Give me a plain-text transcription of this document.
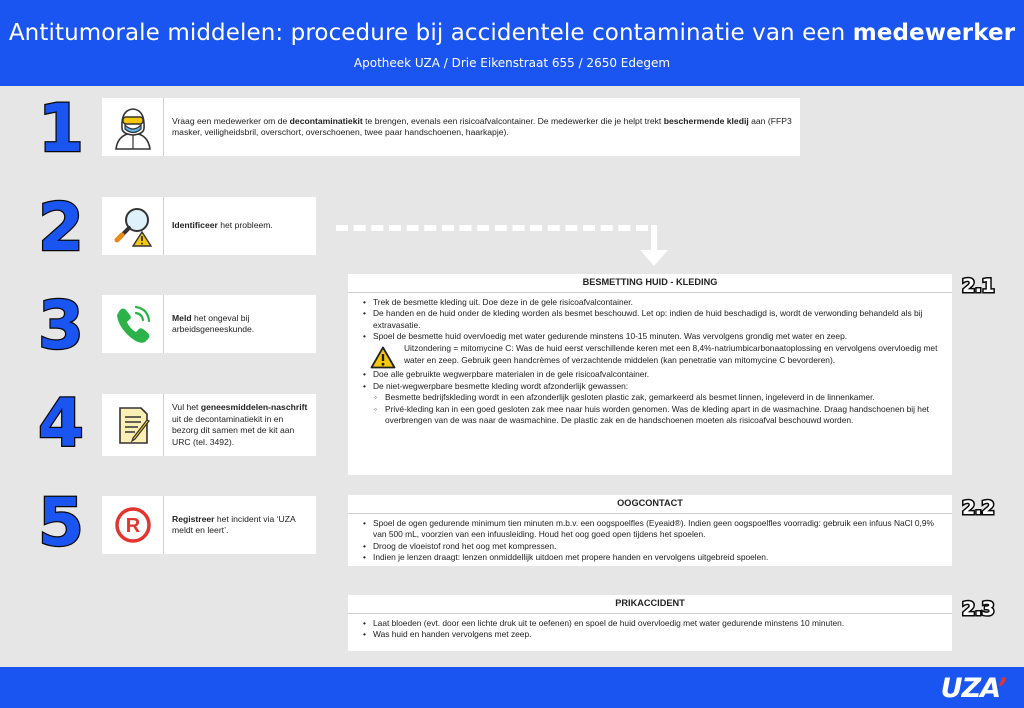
Antitumorale middelen: procedure bij accidentele contaminatie van een medewerker
Apotheek UZA / Drie Eikenstraat 655 / 2650 Edegem
1
2
3
4
5
Vraag een medewerker om de decontaminatiekit te brengen, evenals een risicoafvalcontainer. De medewerker die je helpt trekt beschermende kledij aan (FFP3 masker, veiligheidsbril, overschort, overschoenen, twee paar handschoenen, haarkapje).
Identificeer het probleem.
Meld het ongeval bij arbeidsgeneeskunde.
Vul het geneesmiddelen-naschrift uit de decontaminatiekit in en bezorg dit samen met de kit aan URC (tel. 3492).
R	Registreer het incident via ‘UZA meldt en leert’.
2.1
BESMETTING HUID - KLEDING
• Trek de besmette kleding uit. Doe deze in de gele risicoafvalcontainer.
• De handen en de huid onder de kleding worden als besmet beschouwd. Let op: indien de huid beschadigd is, wordt de verwonding behandeld als bij extravasatie.
• Spoel de besmette huid overvloedig met water gedurende minstens 10-15 minuten. Was vervolgens grondig met water en zeep.
Uitzondering = mitomycine C: Was de huid eerst verschillende keren met een 8,4%-natriumbicarbonaatoplossing en vervolgens overvloedig met water en zeep. Gebruik geen handcrèmes of verzachtende middelen (kan penetratie van mitomycine C bevorderen).
• Doe alle gebruikte wegwerpbare materialen in de gele risicoafvalcontainer.
• De niet-wegwerpbare besmette kleding wordt afzonderlijk gewassen:
◦ Besmette bedrijfskleding wordt in een afzonderlijk gesloten plastic zak, gemarkeerd als besmet linnen, ingeleverd in de linnenkamer.
◦ Privé-kleding kan in een goed gesloten zak mee naar huis worden genomen. Was de kleding apart in de wasmachine. Draag handschoenen bij het overbrengen van de was naar de wasmachine. De plastic zak en de handschoenen moeten als risicoafval beschouwd worden.
2.2
OOGCONTACT
• Spoel de ogen gedurende minimum tien minuten m.b.v. een oogspoelfles (Eyeaid®). Indien geen oogspoelfles voorradig: gebruik een infuus NaCl 0,9% van 500 mL, voorzien van een infuusleiding. Houd het oog goed open tijdens het spoelen.
• Droog de vloeistof rond het oog met kompressen.
• Indien je lenzen draagt: lenzen onmiddellijk uitdoen met propere handen en vervolgens uitgebreid spoelen.
2.3
PRIKACCIDENT
• Laat bloeden (evt. door een lichte druk uit te oefenen) en spoel de huid overvloedig met water gedurende minstens 10 minuten.
• Was huid en handen vervolgens met zeep.
UZA’
